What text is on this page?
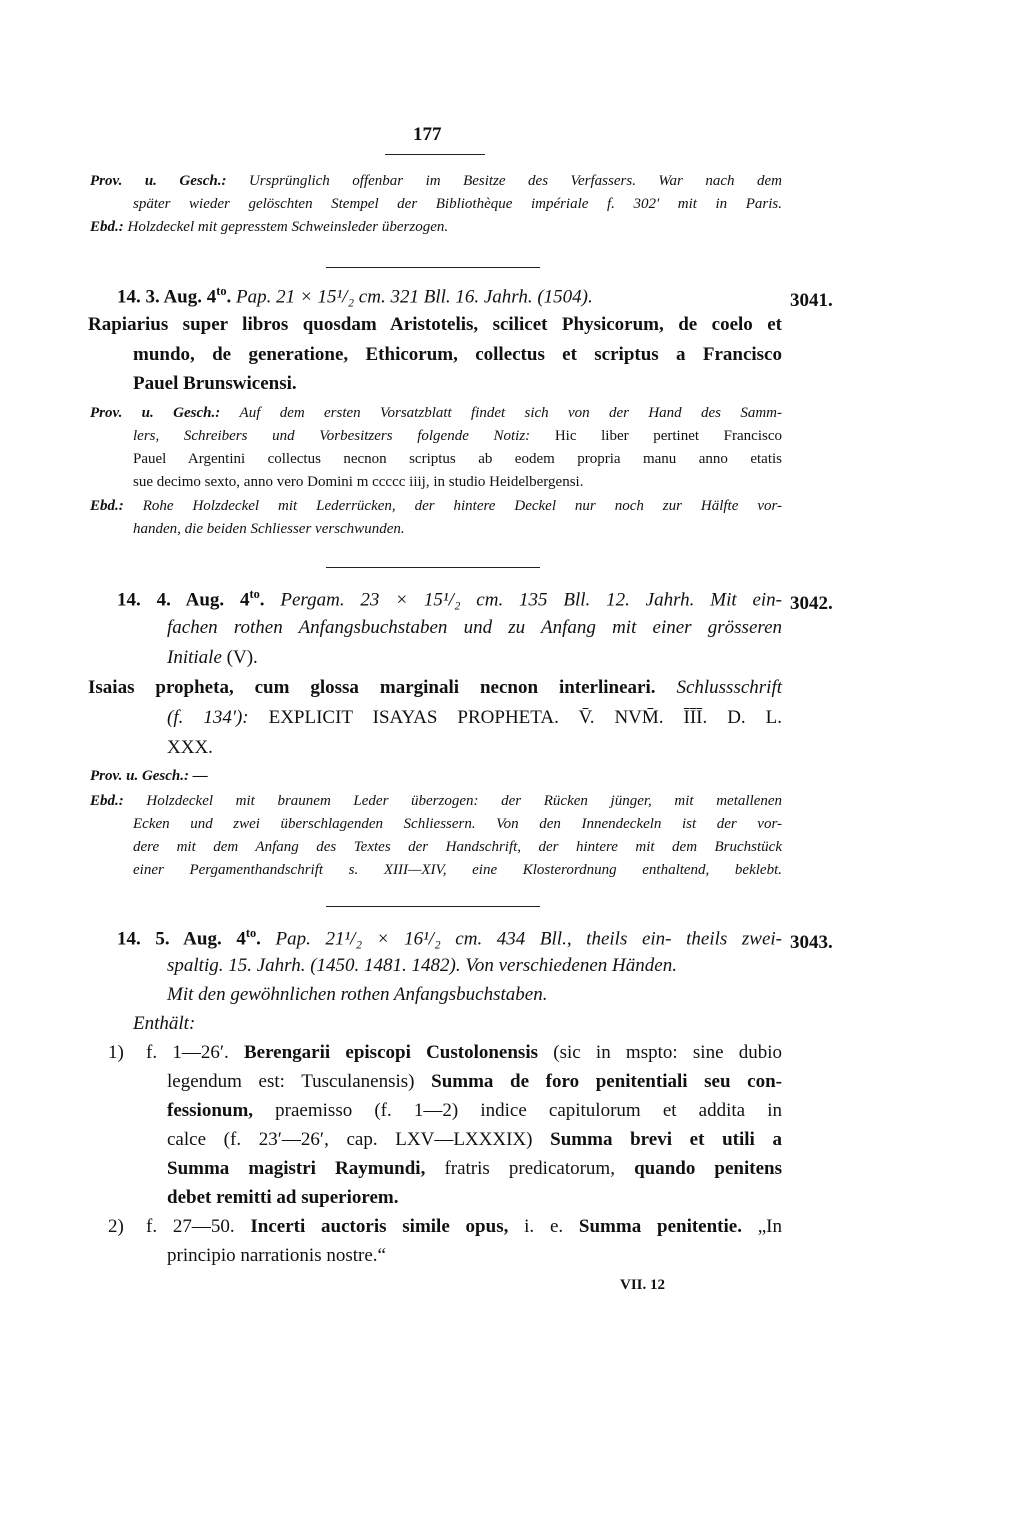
177
3041.
3042.
3043.
VII. 12
Prov. u. Gesch.: Ursprünglich offenbar im Besitze des Verfassers. War nach dem
später wieder gelöschten Stempel der Bibliothèque impériale f. 302′ mit in Paris.
Ebd.: Holzdeckel mit gepresstem Schweinsleder überzogen.
14. 3. Aug. $4^{to}$. Pap. 21 × 15¹/₂ cm. 321 Bll. 16. Jahrh. (1504).
Rapiarius super libros quosdam Aristotelis, scilicet Physicorum, de coelo et
mundo, de generatione, Ethicorum, collectus et scriptus a Francisco
Pauel Brunswicensi.
Prov. u. Gesch.: Auf dem ersten Vorsatzblatt findet sich von der Hand des Samm-
lers, Schreibers und Vorbesitzers folgende Notiz: Hic liber pertinet Francisco
Pauel Argentini collectus necnon scriptus ab eodem propria manu anno etatis
sue decimo sexto, anno vero Domini m ccccc iiij, in studio Heidelbergensi.
Ebd.: Rohe Holzdeckel mit Lederrücken, der hintere Deckel nur noch zur Hälfte vor-
handen, die beiden Schliesser verschwunden.
14. 4. Aug. $4^{to}$. Pergam. 23 × 15¹/₂ cm. 135 Bll. 12. Jahrh. Mit ein-
fachen rothen Anfangsbuchstaben und zu Anfang mit einer grösseren
Initiale (V).
Isaias propheta, cum glossa marginali necnon interlineari. Schlussschrift
(f. 134′): EXPLICIT ISAYAS PROPHETA. V̄. NVM̄. ĪĪĪ. D. L.
XXX.
Prov. u. Gesch.: —
Ebd.: Holzdeckel mit braunem Leder überzogen: der Rücken jünger, mit metallenen
Ecken und zwei überschlagenden Schliessern. Von den Innendeckeln ist der vor-
dere mit dem Anfang des Textes der Handschrift, der hintere mit dem Bruchstück
einer Pergamenthandschrift s. XIII—XIV, eine Klosterordnung enthaltend, beklebt.
14. 5. Aug. $4^{to}$. Pap. 21¹/₂ × 16¹/₂ cm. 434 Bll., theils ein- theils zwei-
spaltig. 15. Jahrh. (1450. 1481. 1482). Von verschiedenen Händen.
Mit den gewöhnlichen rothen Anfangsbuchstaben.
Enthält:
1) f. 1—26′. Berengarii episcopi Custolonensis (sic in mspto: sine dubio
legendum est: Tusculanensis) Summa de foro penitentiali seu con-
fessionum, praemisso (f. 1—2) indice capitulorum et addita in
calce (f. 23′—26′, cap. LXV—LXXXIX) Summa brevi et utili a
Summa magistri Raymundi, fratris predicatorum, quando penitens
debet remitti ad superiorem.
2) f. 27—50. Incerti auctoris simile opus, i. e. Summa penitentie. „In
principio narrationis nostre.“
